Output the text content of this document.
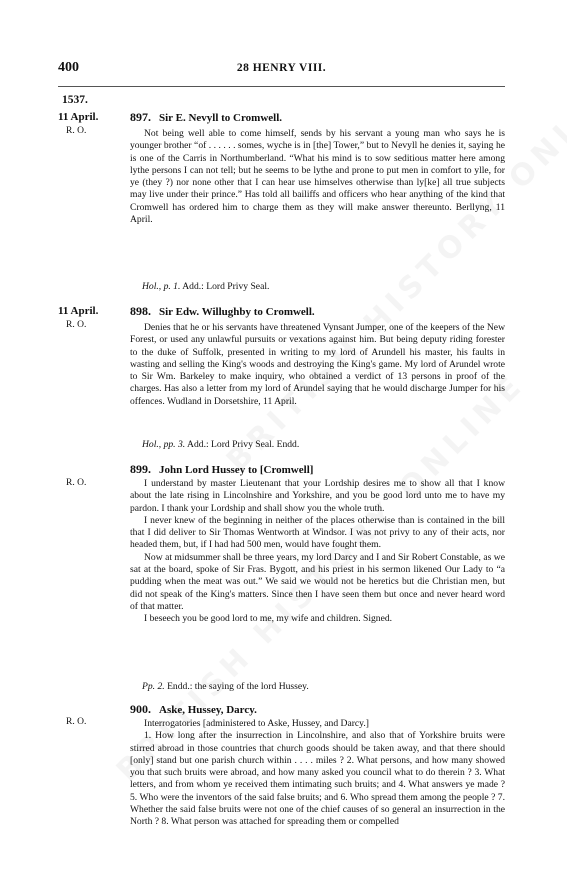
400	28 HENRY VIII.
1537.
11 April.
R. O.
897. Sir E. Nevyll to Cromwell.

Not being well able to come himself, sends by his servant a young man who says he is younger brother “of . . . . . . somes, wyche is in [the] Tower,” but to Nevyll he denies it, saying he is one of the Carris in Northumberland. “What his mind is to sow seditious matter here among lythe persons I can not tell; but he seems to be lythe and prone to put men in comfort to ylle, for ye (they ?) nor none other that I can hear use himselves otherwise than ly[ke] all true subjects may live under their prince.” Has told all bailiffs and officers who hear anything of the kind that Cromwell has ordered him to charge them as they will make answer thereunto. Berllyng, 11 April.

Hol., p. 1. Add.: Lord Privy Seal.
11 April.
R. O.
898. Sir Edw. Willughby to Cromwell.

Denies that he or his servants have threatened Vynsant Jumper, one of the keepers of the New Forest, or used any unlawful pursuits or vexations against him. But being deputy riding forester to the duke of Suffolk, presented in writing to my lord of Arundell his master, his faults in wasting and selling the King's woods and destroying the King's game. My lord of Arundel wrote to Sir Wm. Barkeley to make inquiry, who obtained a verdict of 13 persons in proof of the charges. Has also a letter from my lord of Arundel saying that he would discharge Jumper for his offences. Wudland in Dorsetshire, 11 April.

Hol., pp. 3. Add.: Lord Privy Seal. Endd.
R. O.
899. John Lord Hussey to [Cromwell]

I understand by master Lieutenant that your Lordship desires me to show all that I know about the late rising in Lincolnshire and Yorkshire, and you be good lord unto me to have my pardon. I thank your Lordship and shall show you the whole truth.

I never knew of the beginning in neither of the places otherwise than is contained in the bill that I did deliver to Sir Thomas Wentworth at Windsor. I was not privy to any of their acts, nor headed them, but, if I had had 500 men, would have fought them.

Now at midsummer shall be three years, my lord Darcy and I and Sir Robert Constable, as we sat at the board, spoke of Sir Fras. Bygott, and his priest in his sermon likened Our Lady to “a pudding when the meat was out.” We said we would not be heretics but die Christian men, but did not speak of the King's matters. Since then I have seen them but once and never heard word of that matter.

I beseech you be good lord to me, my wife and children. Signed.

Pp. 2. Endd.: the saying of the lord Hussey.
R. O.
900. Aske, Hussey, Darcy.

Interrogatories [administered to Aske, Hussey, and Darcy.]

1. How long after the insurrection in Lincolnshire, and also that of Yorkshire bruits were stirred abroad in those countries that church goods should be taken away, and that there should [only] stand but one parish church within . . . . miles ? 2. What persons, and how many showed you that such bruits were abroad, and how many asked you council what to do therein ? 3. What letters, and from whom ye received them intimating such bruits; and 4. What answers ye made ? 5. Who were the inventors of the said false bruits; and 6. Who spread them among the people ? 7. Whether the said false bruits were not one of the chief causes of so general an insurrection in the North ? 8. What person was attached for spreading them or compelled
